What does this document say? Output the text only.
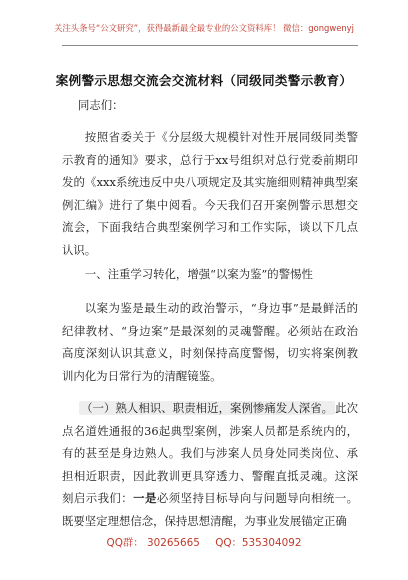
关注头条号“公文研究”，获得最新最全最专业的公文资料库！ 微信：gongwenyj
案例警示思想交流会交流材料（同级同类警示教育）
同志们：

按照省委关于《分层级大规模针对性开展同级同类警示教育的通知》要求，总行于xx号组织对总行党委前期印发的《xxx系统违反中央八项规定及其实施细则精神典型案例汇编》进行了集中阅看。今天我们召开案例警示思想交流会，下面我结合典型案例学习和工作实际，谈以下几点认识。

一、注重学习转化，增强“以案为鉴”的警惕性

以案为鉴是最生动的政治警示，“身边事”是最鲜活的纪律教材、“身边案”是最深刻的灵魂警醒。必须站在政治高度深刻认识其意义，时刻保持高度警惕，切实将案例教训内化为日常行为的清醒镜鉴。

（一）熟人相识、职责相近，案例惨痛发人深省。 此次点名道姓通报的36起典型案例，涉案人员都是系统内的，有的甚至是身边熟人。我们与涉案人员身处同类岗位、承担相近职责，因此教训更具穿透力、警醒直抵灵魂。这深刻启示我们：一是必须坚持目标导向与问题导向相统一。既要坚定理想信念，保持思想清醒，为事业发展锚定正确

QQ群： 30265665 QQ：535304092
